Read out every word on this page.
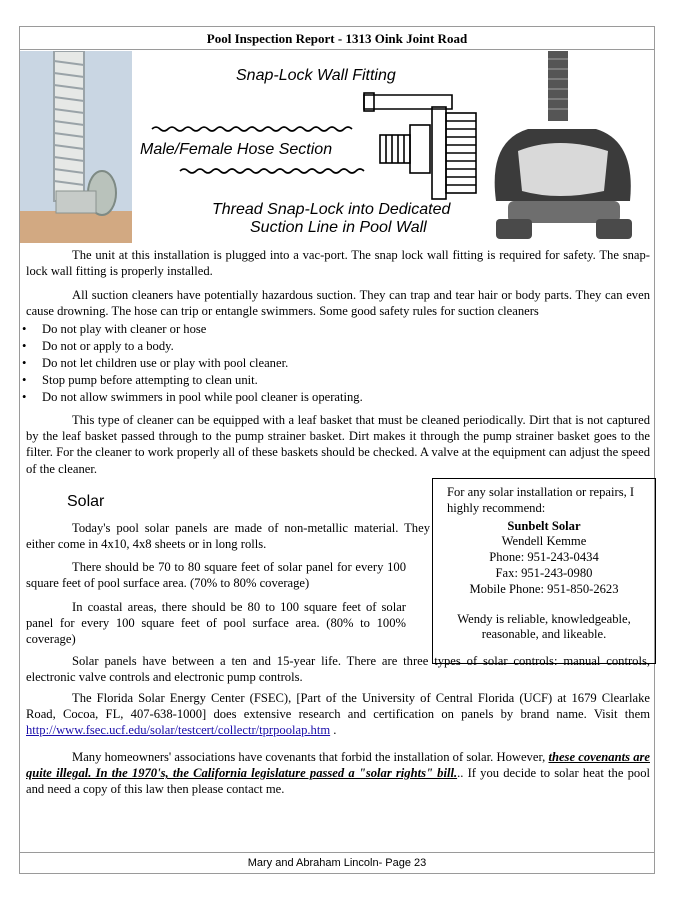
Pool Inspection Report - 1313 Oink Joint Road
Snap-Lock Wall Fitting
Male/Female Hose Section
Thread Snap-Lock into Dedicated
Suction Line in Pool Wall

The unit at this installation is plugged into a vac-port. The snap lock wall fitting is required for safety. The snap-lock wall fitting is properly installed.

All suction cleaners have potentially hazardous suction. They can trap and tear hair or body parts. They can even cause drowning. The hose can trip or entangle swimmers. Some good safety rules for suction cleaners

• Do not play with cleaner or hose
• Do not or apply to a body.
• Do not let children use or play with pool cleaner.
• Stop pump before attempting to clean unit.
• Do not allow swimmers in pool while pool cleaner is operating.

This type of cleaner can be equipped with a leaf basket that must be cleaned periodically. Dirt that is not captured by the leaf basket passed through to the pump strainer basket. Dirt makes it through the pump strainer basket goes to the filter. For the cleaner to work properly all of these baskets should be checked. A valve at the equipment can adjust the speed of the cleaner.

Solar

Today's pool solar panels are made of non-metallic material. They either come in 4x10, 4x8 sheets or in long rolls.

There should be 70 to 80 square feet of solar panel for every 100 square feet of pool surface area. (70% to 80% coverage)

In coastal areas, there should be 80 to 100 square feet of solar panel for every 100 square feet of pool surface area. (80% to 100% coverage)

For any solar installation or repairs, I highly recommend:
Sunbelt Solar
Wendell Kemme
Phone: 951-243-0434
Fax: 951-243-0980
Mobile Phone: 951-850-2623
Wendy is reliable, knowledgeable, reasonable, and likeable.

Solar panels have between a ten and 15-year life. There are three types of solar controls: manual controls, electronic valve controls and electronic pump controls.

The Florida Solar Energy Center (FSEC), [Part of the University of Central Florida (UCF) at 1679 Clearlake Road, Cocoa, FL, 407-638-1000] does extensive research and certification on panels by brand name. Visit them http://www.fsec.ucf.edu/solar/testcert/collectr/tprpoolap.htm .

Many homeowners' associations have covenants that forbid the installation of solar. However, these covenants are quite illegal. In the 1970's, the California legislature passed a "solar rights" bill... If you decide to solar heat the pool and need a copy of this law then please contact me.

Mary and Abraham Lincoln- Page 23
